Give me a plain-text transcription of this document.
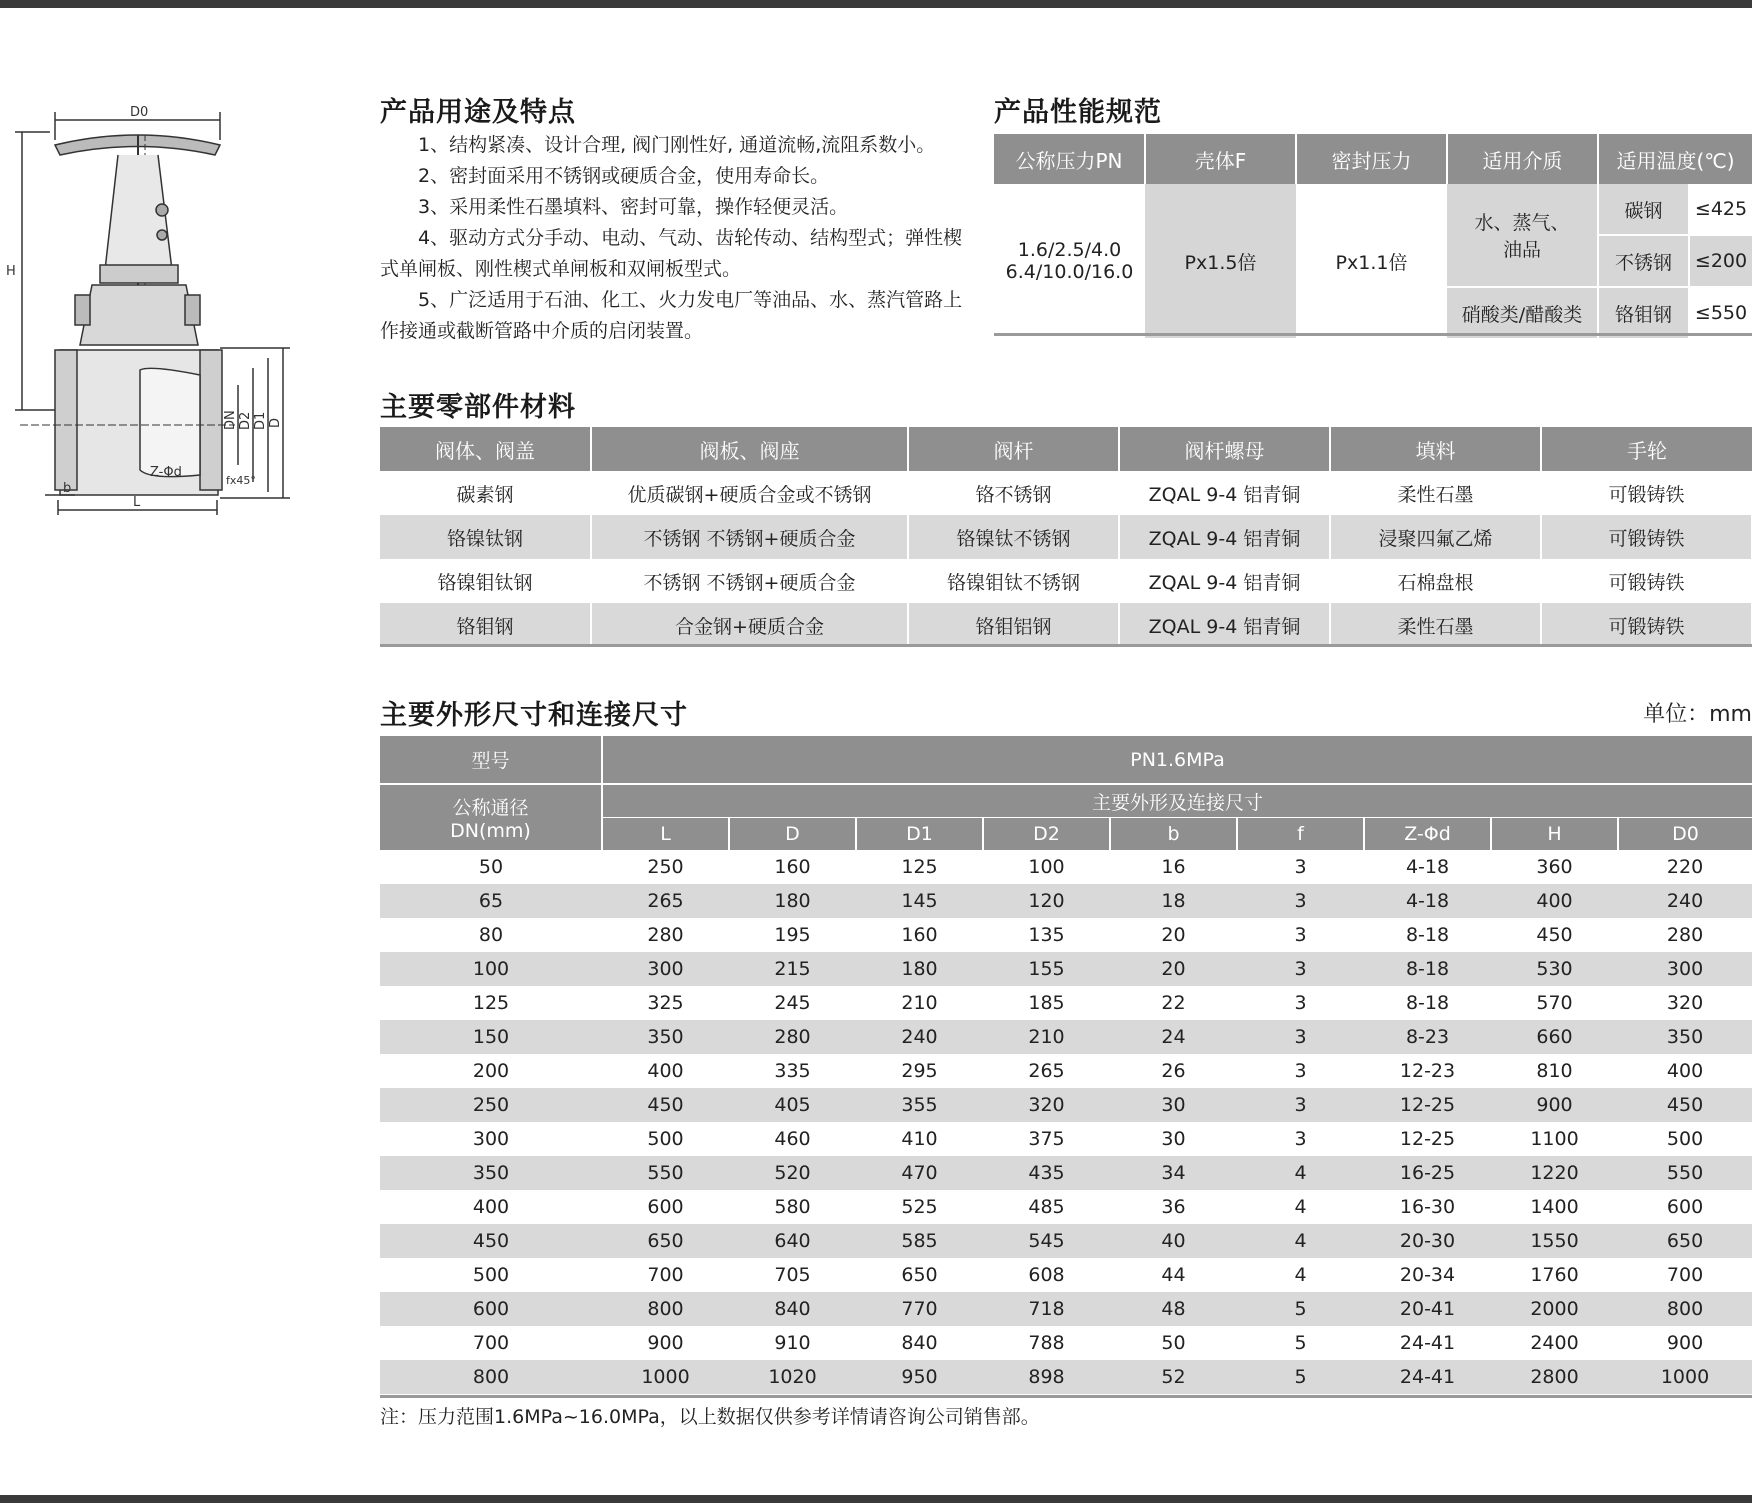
D0
H
DN D2 D1 D
Z-Φd
fx45°
b
L
产品用途及特点	产品性能规范

1、结构紧凑、设计合理, 阀门刚性好, 通道流畅,流阻系数小。

2、密封面采用不锈钢或硬质合金，使用寿命长。

3、采用柔性石墨填料、密封可靠，操作轻便灵活。

4、驱动方式分手动、电动、气动、齿轮传动、结构型式；弹性楔式单闸板、刚性楔式单闸板和双闸板型式。

5、广泛适用于石油、化工、火力发电厂等油品、水、蒸汽管路上作接通或截断管路中介质的启闭装置。

公称压力PN	壳体F	密封压力	适用介质	适用温度(℃)	

1.6/2.5/4.0
6.4/10.0/16.0	Px1.5倍	Px1.1倍	水、蒸气、油品	碳钢	≤425
				不锈钢	≤200
			硝酸类/醋酸类	铬钼钢	≤550
主要零部件材料
阀体、阀盖	阀板、阀座	阀杆	阀杆螺母	填料	手轮
碳素钢	优质碳钢+硬质合金或不锈钢	铬不锈钢	ZQAL 9-4 铝青铜	柔性石墨	可锻铸铁
铬镍钛钢	不锈钢 不锈钢+硬质合金	铬镍钛不锈钢	ZQAL 9-4 铝青铜	浸聚四氟乙烯	可锻铸铁
铬镍钼钛钢	不锈钢 不锈钢+硬质合金	铬镍钼钛不锈钢	ZQAL 9-4 铝青铜	石棉盘根	可锻铸铁
铬钼钢	合金钢+硬质合金	铬钼铝钢	ZQAL 9-4 铝青铜	柔性石墨	可锻铸铁
主要外形尺寸和连接尺寸	单位：mm
型号	PN1.6MPa								

公称通径
DN(mm)	主要外形及连接尺寸								
	L	D	D1	D2	b	f	Z-Φd	H	D0
50	250	160	125	100	16	3	4-18	360	220
65	265	180	145	120	18	3	4-18	400	240
80	280	195	160	135	20	3	8-18	450	280
100	300	215	180	155	20	3	8-18	530	300
125	325	245	210	185	22	3	8-18	570	320
150	350	280	240	210	24	3	8-23	660	350
200	400	335	295	265	26	3	12-23	810	400
250	450	405	355	320	30	3	12-25	900	450
300	500	460	410	375	30	3	12-25	1100	500
350	550	520	470	435	34	4	16-25	1220	550
400	600	580	525	485	36	4	16-30	1400	600
450	650	640	585	545	40	4	20-30	1550	650
500	700	705	650	608	44	4	20-34	1760	700
600	800	840	770	718	48	5	20-41	2000	800
700	900	910	840	788	50	5	24-41	2400	900
800	1000	1020	950	898	52	5	24-41	2800	1000
注：压力范围1.6MPa~16.0MPa，以上数据仅供参考详情请咨询公司销售部。
